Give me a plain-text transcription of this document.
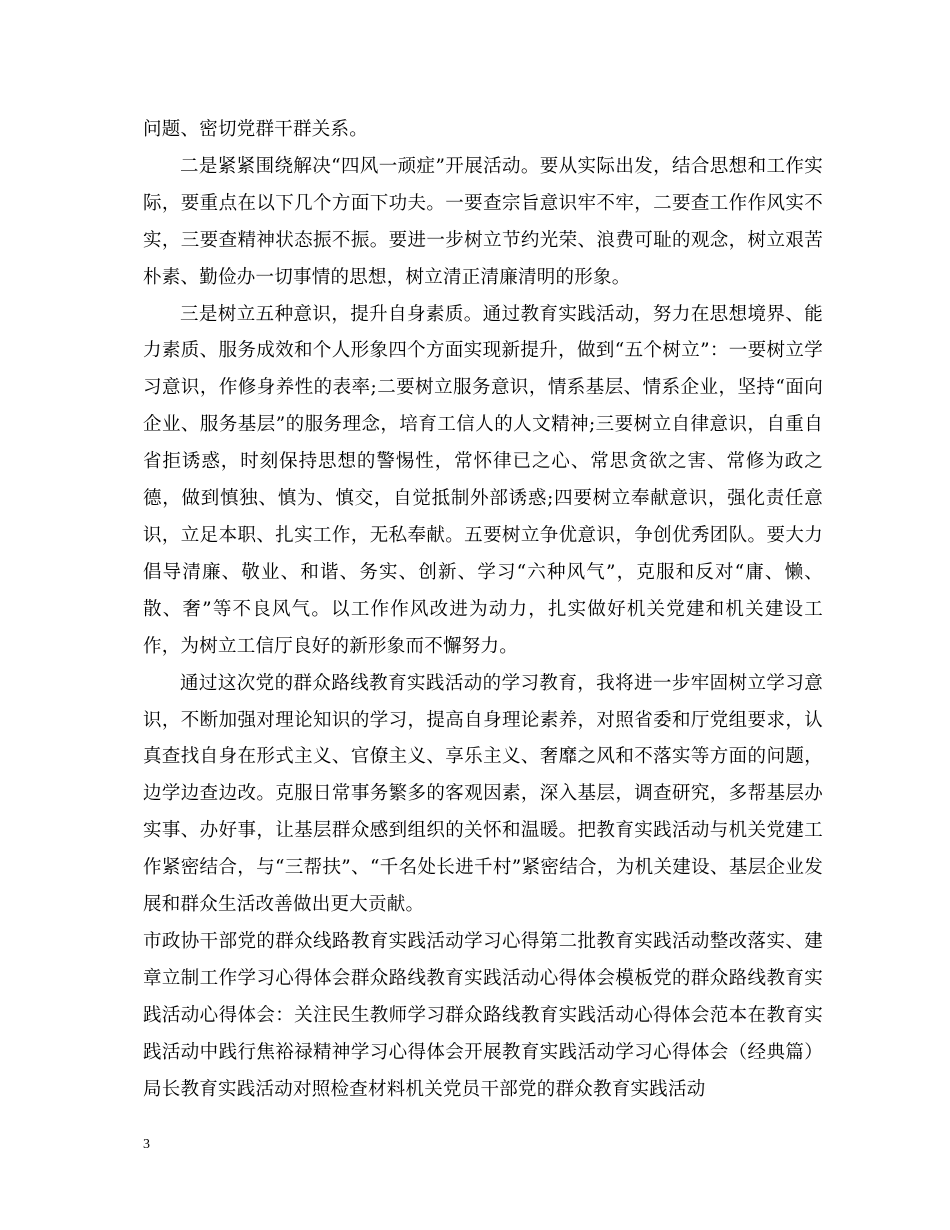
问题、密切党群干群关系。

二是紧紧围绕解决“四风一顽症”开展活动。要从实际出发，结合思想和工作实际，要重点在以下几个方面下功夫。一要查宗旨意识牢不牢，二要查工作作风实不实，三要查精神状态振不振。要进一步树立节约光荣、浪费可耻的观念，树立艰苦朴素、勤俭办一切事情的思想，树立清正清廉清明的形象。

三是树立五种意识，提升自身素质。通过教育实践活动，努力在思想境界、能力素质、服务成效和个人形象四个方面实现新提升，做到“五个树立”：一要树立学习意识，作修身养性的表率;二要树立服务意识，情系基层、情系企业，坚持“面向企业、服务基层”的服务理念，培育工信人的人文精神;三要树立自律意识，自重自省拒诱惑，时刻保持思想的警惕性，常怀律已之心、常思贪欲之害、常修为政之德，做到慎独、慎为、慎交，自觉抵制外部诱惑;四要树立奉献意识，强化责任意识，立足本职、扎实工作，无私奉献。五要树立争优意识，争创优秀团队。要大力倡导清廉、敬业、和谐、务实、创新、学习“六种风气”，克服和反对“庸、懒、散、奢”等不良风气。以工作作风改进为动力，扎实做好机关党建和机关建设工作，为树立工信厅良好的新形象而不懈努力。

通过这次党的群众路线教育实践活动的学习教育，我将进一步牢固树立学习意识，不断加强对理论知识的学习，提高自身理论素养，对照省委和厅党组要求，认真查找自身在形式主义、官僚主义、享乐主义、奢靡之风和不落实等方面的问题，边学边查边改。克服日常事务繁多的客观因素，深入基层，调查研究，多帮基层办实事、办好事，让基层群众感到组织的关怀和温暖。把教育实践活动与机关党建工作紧密结合，与“三帮扶”、“千名处长进千村”紧密结合，为机关建设、基层企业发展和群众生活改善做出更大贡献。

市政协干部党的群众线路教育实践活动学习心得第二批教育实践活动整改落实、建章立制工作学习心得体会群众路线教育实践活动心得体会模板党的群众路线教育实践活动心得体会：关注民生教师学习群众路线教育实践活动心得体会范本在教育实践活动中践行焦裕禄精神学习心得体会开展教育实践活动学习心得体会（经典篇）局长教育实践活动对照检查材料机关党员干部党的群众教育实践活动

3
